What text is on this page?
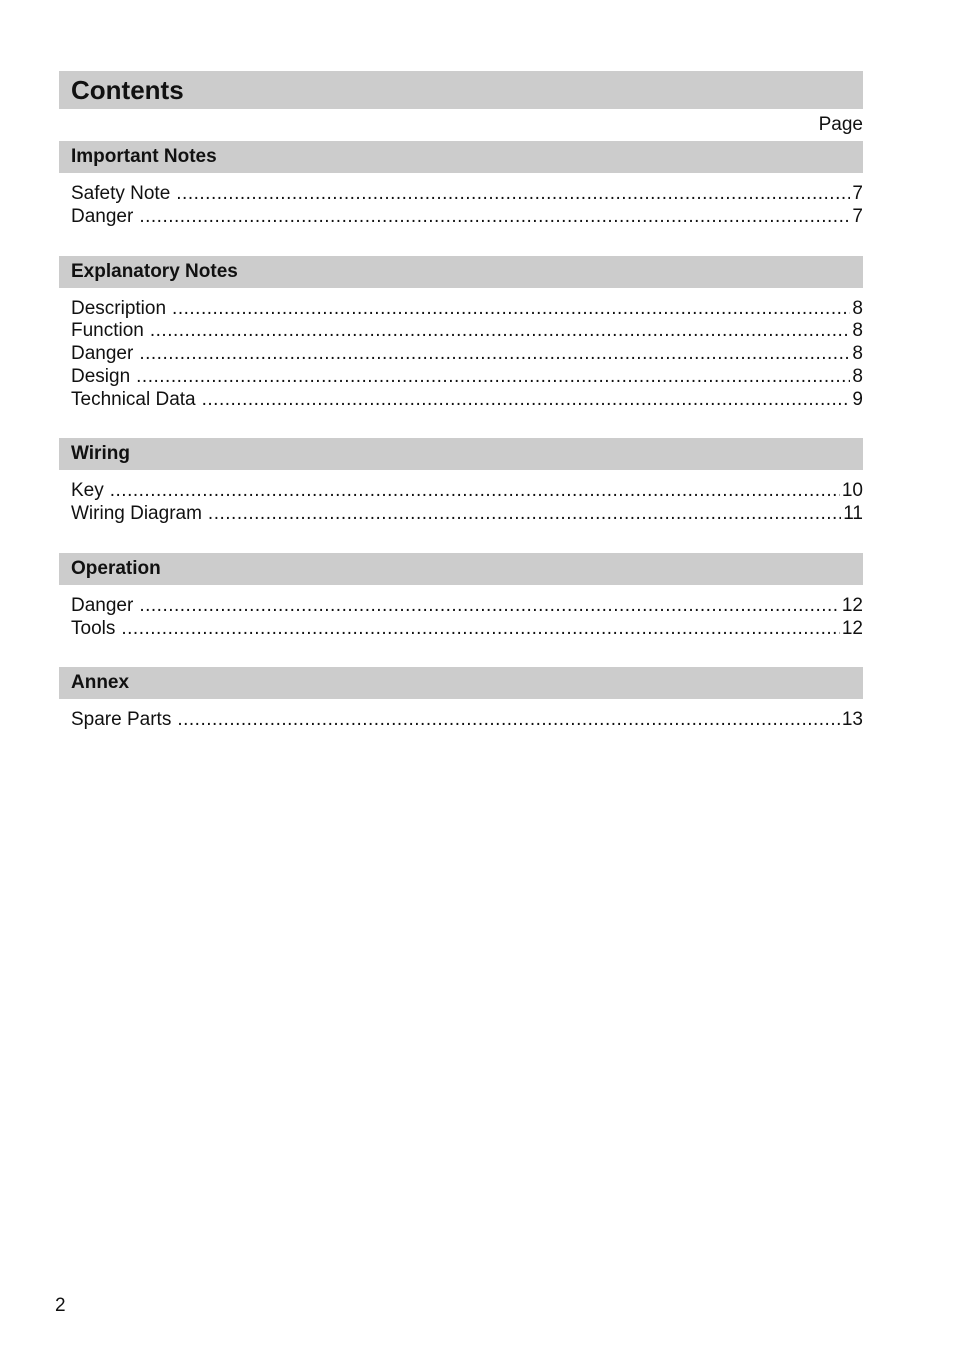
Contents
Page
Important Notes
Safety Note .....	7
Danger .....	7
Explanatory Notes
Description .....	8
Function .....	8
Danger .....	8
Design .....	8
Technical Data .....	9
Wiring
Key .....	10
Wiring Diagram .....	11
Operation
Danger .....	12
Tools .....	12
Annex
Spare Parts .....	13
2
